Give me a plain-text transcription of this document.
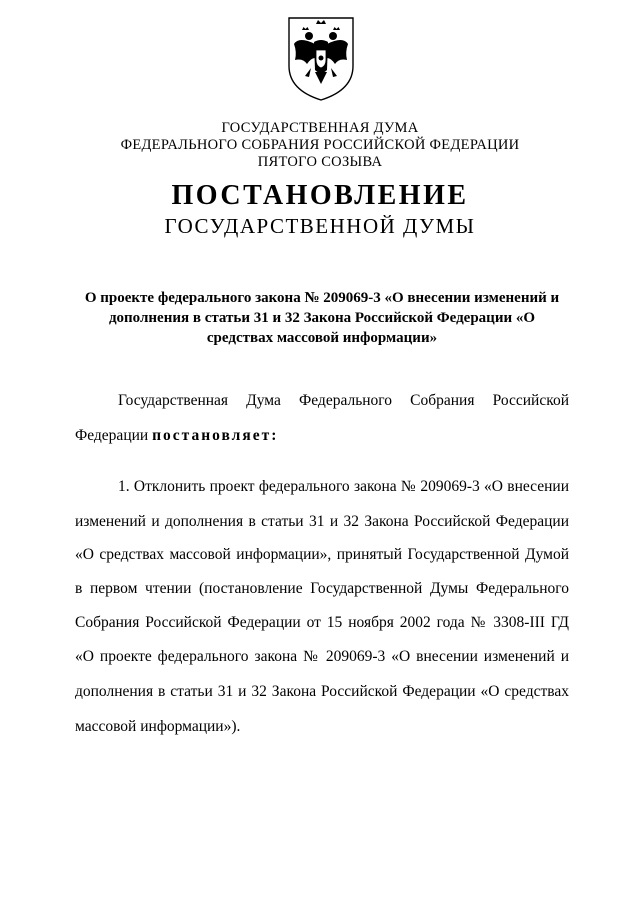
ГОСУДАРСТВЕННАЯ ДУМА
ФЕДЕРАЛЬНОГО СОБРАНИЯ РОССИЙСКОЙ ФЕДЕРАЦИИ
ПЯТОГО СОЗЫВА
ПОСТАНОВЛЕНИЕ
ГОСУДАРСТВЕННОЙ ДУМЫ
О проекте федерального закона № 209069-3 «О внесении изменений и
дополнения в статьи 31 и 32 Закона Российской Федерации «О
средствах массовой информации»
Государственная Дума Федерального Собрания Российской
Федерации постановляет:
1. Отклонить проект федерального закона № 209069-3 «О внесении
изменений и дополнения в статьи 31 и 32 Закона Российской Федерации
«О средствах массовой информации», принятый Государственной Думой
в первом чтении (постановление Государственной Думы Федерального
Собрания Российской Федерации от 15 ноября 2002 года № 3308-III ГД
«О проекте федерального закона № 209069-3 «О внесении изменений и
дополнения в статьи 31 и 32 Закона Российской Федерации «О средствах
массовой информации»).
